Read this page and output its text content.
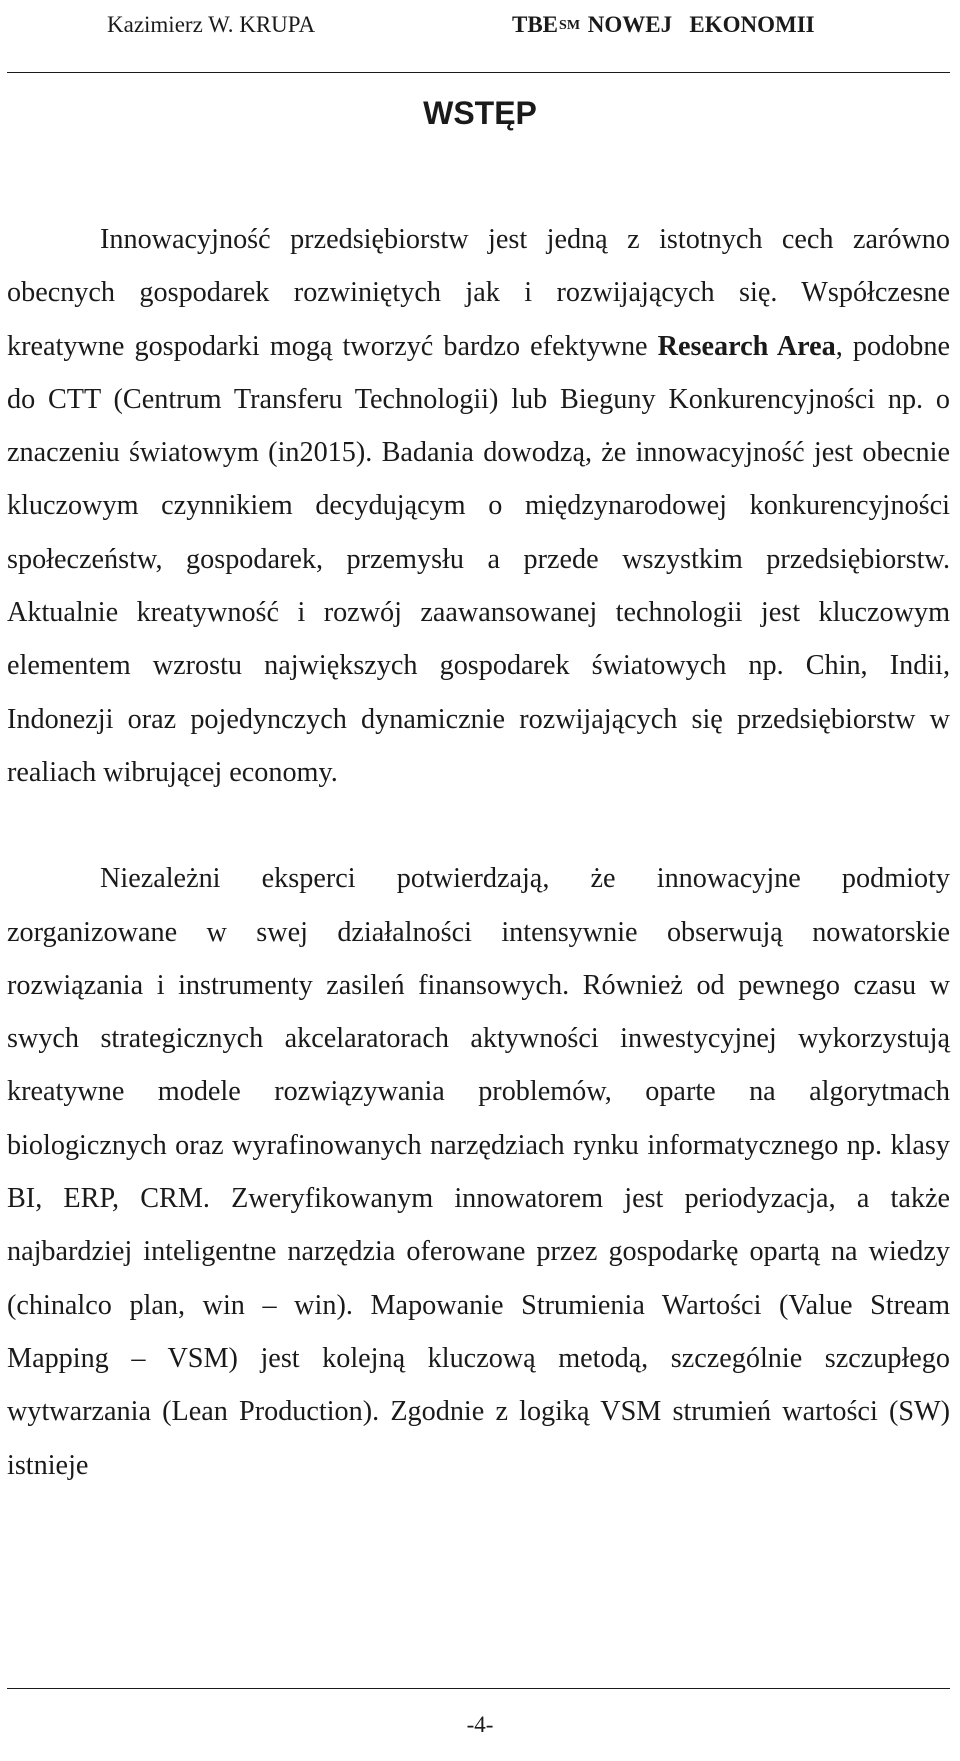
Kazimierz W. KRUPA	TBE℠ NOWEJ   EKONOMII
WSTĘP

Innowacyjność przedsiębiorstw jest jedną z istotnych cech zarówno obecnych gospodarek rozwiniętych jak i rozwijających się. Współczesne kreatywne gospodarki mogą tworzyć bardzo efektywne Research Area, podobne do CTT (Centrum Transferu Technologii) lub Bieguny Konkurencyjności np. o znaczeniu światowym (in2015). Badania dowodzą, że innowacyjność jest obecnie kluczowym czynnikiem decydującym o międzynarodowej konkurencyjności społeczeństw, gospodarek, przemysłu a przede wszystkim przedsiębiorstw. Aktualnie kreatywność i rozwój zaawansowanej technologii jest kluczowym elementem wzrostu największych gospodarek światowych np. Chin, Indii, Indonezji oraz pojedynczych dynamicznie rozwijających się przedsiębiorstw w realiach wibrującej economy.

Niezależni eksperci potwierdzają, że innowacyjne podmioty zorganizowane w swej działalności intensywnie obserwują nowatorskie rozwiązania i instrumenty zasileń finansowych. Również od pewnego czasu w swych strategicznych akcelaratorach aktywności inwestycyjnej wykorzystują kreatywne modele rozwiązywania problemów, oparte na algorytmach biologicznych oraz wyrafinowanych narzędziach rynku informatycznego np. klasy BI, ERP, CRM. Zweryfikowanym innowatorem jest periodyzacja, a także najbardziej inteligentne narzędzia oferowane przez gospodarkę opartą na wiedzy (chinalco plan, win – win). Mapowanie Strumienia Wartości (Value Stream Mapping – VSM) jest kolejną kluczową metodą, szczególnie szczupłego wytwarzania (Lean Production). Zgodnie z logiką VSM strumień wartości (SW) istnieje

-4-
